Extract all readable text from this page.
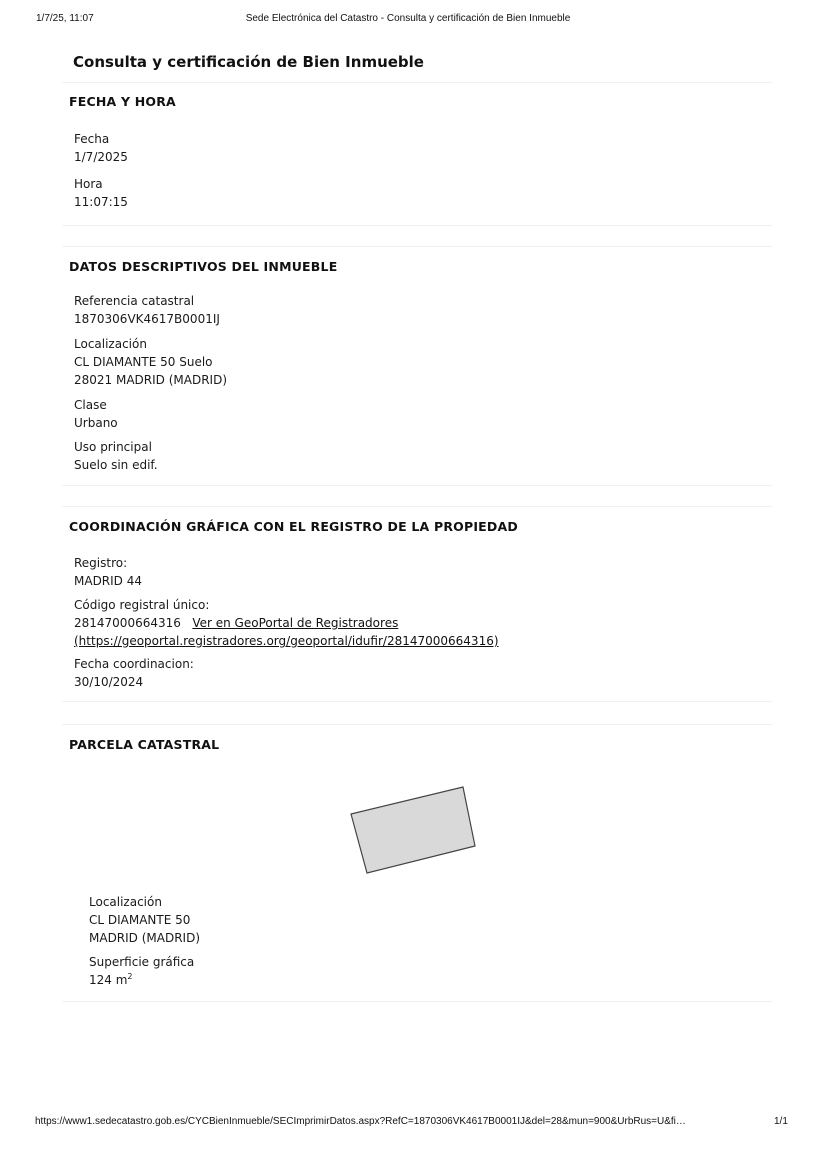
1/7/25, 11:07	Sede Electrónica del Catastro - Consulta y certificación de Bien Inmueble
Consulta y certificación de Bien Inmueble
FECHA Y HORA
Fecha
1/7/2025
Hora
11:07:15
DATOS DESCRIPTIVOS DEL INMUEBLE
Referencia catastral
1870306VK4617B0001IJ
Localización
CL DIAMANTE 50 Suelo
28021 MADRID (MADRID)
Clase
Urbano
Uso principal
Suelo sin edif.
COORDINACIÓN GRÁFICA CON EL REGISTRO DE LA PROPIEDAD
Registro:
MADRID 44
Código registral único:
28147000664316 Ver en GeoPortal de Registradores
(https://geoportal.registradores.org/geoportal/idufir/28147000664316)
Fecha coordinacion:
30/10/2024
PARCELA CATASTRAL
Localización
CL DIAMANTE 50
MADRID (MADRID)
Superficie gráfica
124 $m^2$
https://www1.sedecatastro.gob.es/CYCBienInmueble/SECImprimirDatos.aspx?RefC=1870306VK4617B0001IJ&del=28&mun=900&UrbRus=U&fi…	1/1
